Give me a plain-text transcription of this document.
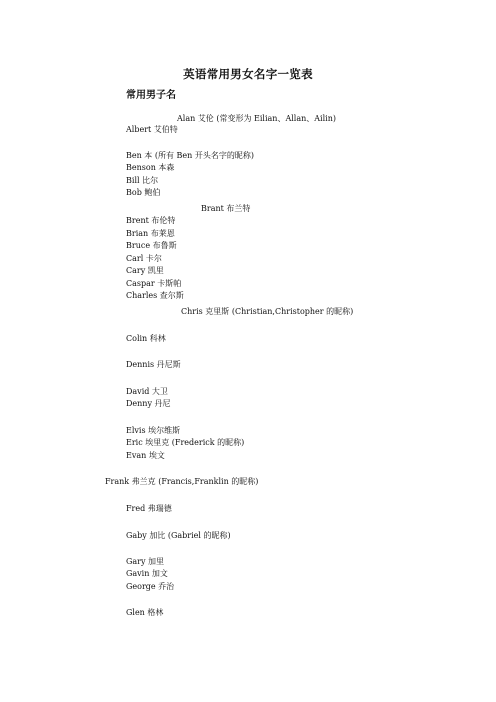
英语常用男女名字一览表
常用男子名
Alan 艾伦 (常变形为 Eilian、Allan、Ailin)
Albert 艾伯特
Ben 本 (所有 Ben 开头名字的昵称)
Benson 本森
Bill 比尔
Bob 鲍伯
Brant 布兰特
Brent 布伦特
Brian 布莱恩
Bruce 布鲁斯
Carl 卡尔
Cary 凯里
Caspar 卡斯帕
Charles 查尔斯
Chris 克里斯 (Christian,Christopher 的昵称)
Colin 科林
Dennis 丹尼斯
David 大卫
Denny 丹尼
Elvis 埃尔维斯
Eric 埃里克 (Frederick 的昵称)
Evan 埃文
Frank 弗兰克 (Francis,Franklin 的昵称)
Fred 弗瑞德
Gaby 加比 (Gabriel 的昵称)
Gary 加里
Gavin 加文
George 乔治
Glen 格林
